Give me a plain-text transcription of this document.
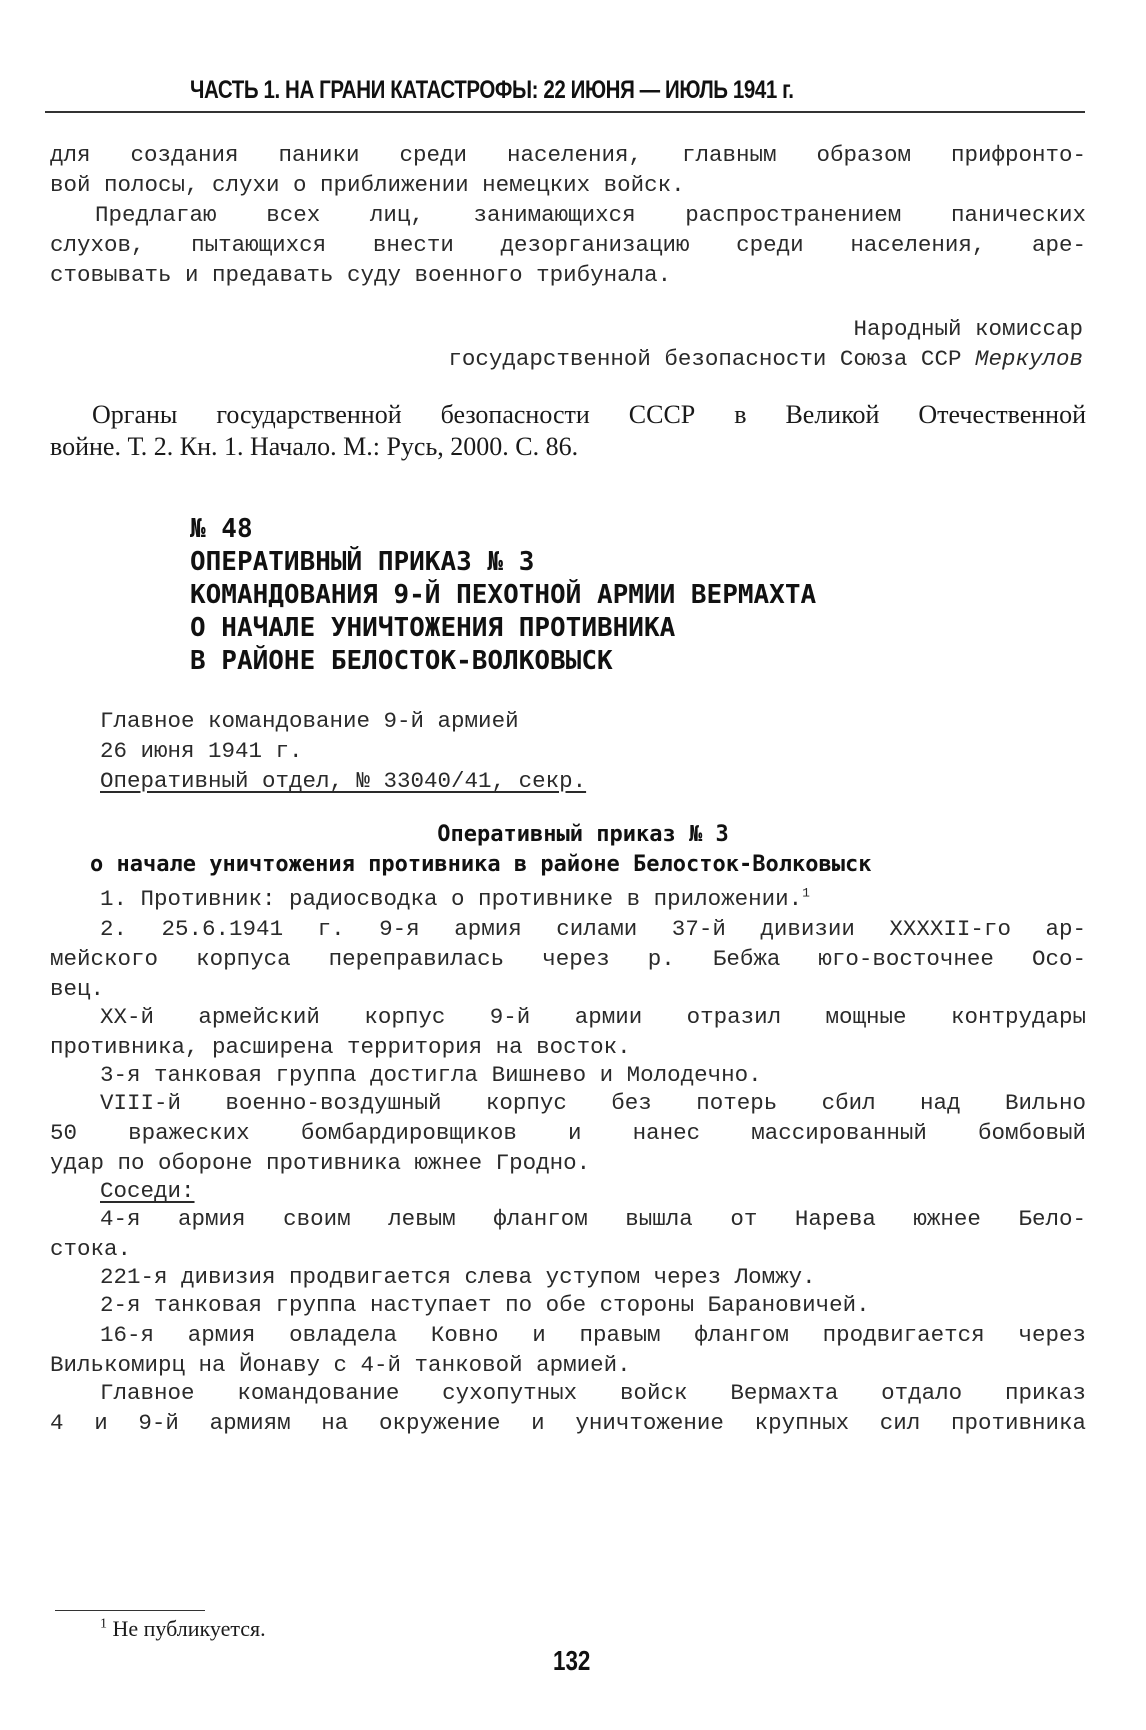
ЧАСТЬ 1. НА ГРАНИ КАТАСТРОФЫ: 22 ИЮНЯ — ИЮЛЬ 1941 г.
для создания паники среди населения, главным образом прифронто-
вой полосы, слухи о приближении немецких войск.
Предлагаю всех лиц, занимающихся распространением панических
слухов, пытающихся внести дезорганизацию среди населения, аре-
стовывать и предавать суду военного трибунала.
Народный комиссар
государственной безопасности Союза ССР Меркулов
Органы государственной безопасности СССР в Великой Отечественной
войне. Т. 2. Кн. 1. Начало. М.: Русь, 2000. С. 86.
№ 48
ОПЕРАТИВНЫЙ ПРИКАЗ № 3
КОМАНДОВАНИЯ 9-Й ПЕХОТНОЙ АРМИИ ВЕРМАХТА
О НАЧАЛЕ УНИЧТОЖЕНИЯ ПРОТИВНИКА
В РАЙОНЕ БЕЛОСТОК-ВОЛКОВЫСК
Главное командование 9-й армией
26 июня 1941 г.
Оперативный отдел, № 33040/41, секр.
Оперативный приказ № 3
о начале уничтожения противника в районе Белосток-Волковыск
1. Противник: радиосводка о противнике в приложении.$^1$
2. 25.6.1941 г. 9-я армия силами 37-й дивизии XXXXII-го ар-
мейского корпуса переправилась через р. Бебжа юго-восточнее Осо-
вец.
XX-й армейский корпус 9-й армии отразил мощные контрудары
противника, расширена территория на восток.
3-я танковая группа достигла Вишнево и Молодечно.
VIII-й военно-воздушный корпус без потерь сбил над Вильно
50 вражеских бомбардировщиков и нанес массированный бомбовый
удар по обороне противника южнее Гродно.
Соседи:
4-я армия своим левым флангом вышла от Нарева южнее Бело-
стока.
221-я дивизия продвигается слева уступом через Ломжу.
2-я танковая группа наступает по обе стороны Барановичей.
16-я армия овладела Ковно и правым флангом продвигается через
Вилькомирц на Йонаву с 4-й танковой армией.
Главное командование сухопутных войск Вермахта отдало приказ
4 и 9-й армиям на окружение и уничтожение крупных сил противника
$^1$ Не публикуется.
132
